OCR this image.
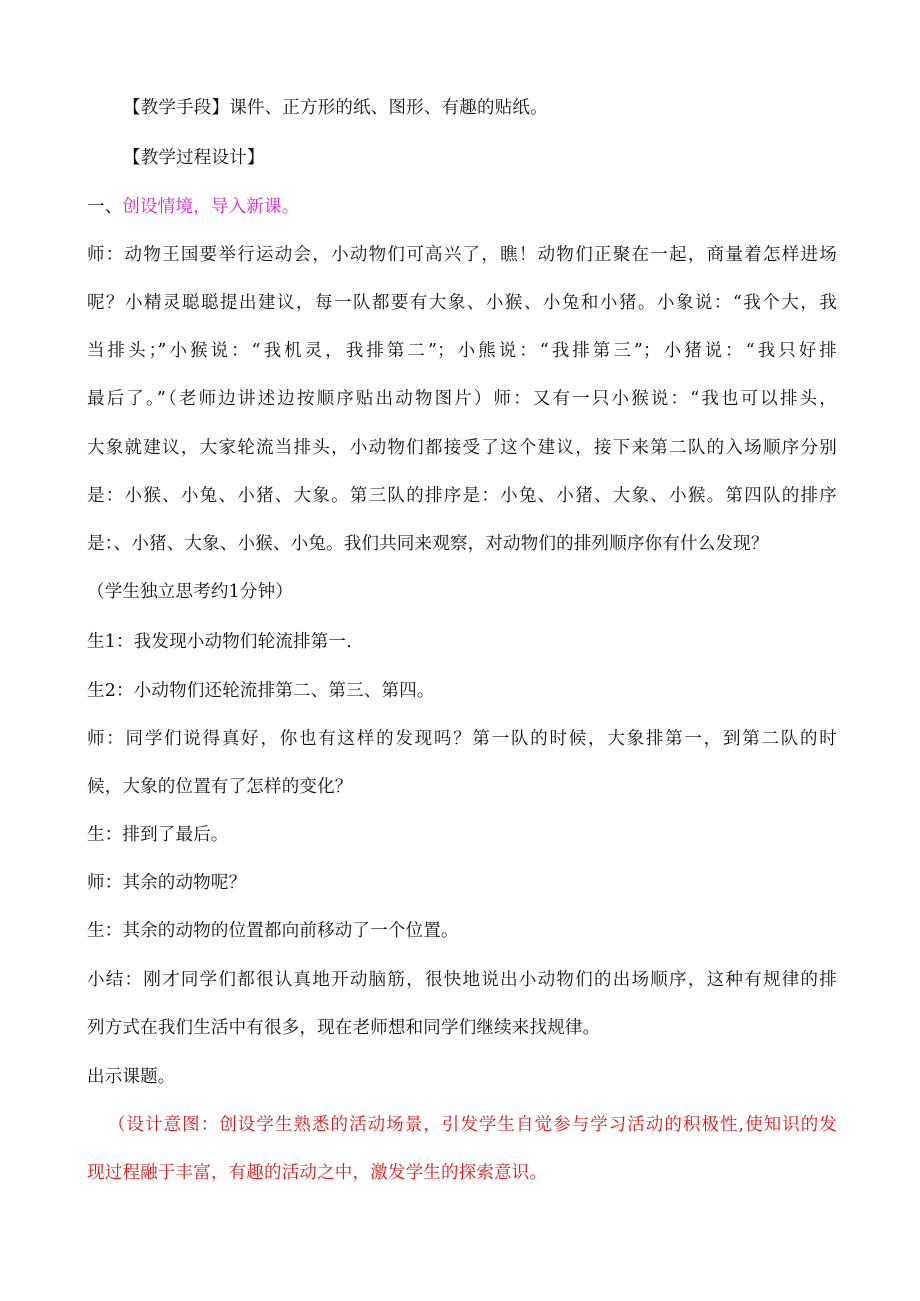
【教学手段】课件、正方形的纸、图形、有趣的贴纸。
【教学过程设计】
一、创设情境，导入新课。
师：动物王国要举行运动会，小动物们可高兴了，瞧！动物们正聚在一起，商量着怎样进场
呢？小精灵聪聪提出建议，每一队都要有大象、小猴、小兔和小猪。小象说：“我个大，我
当排头；”小猴说：“我机灵，我排第二”；小熊说：“我排第三”；小猪说：“我只好排
最后了。”（老师边讲述边按顺序贴出动物图片）师：又有一只小猴说：“我也可以排头，
大象就建议，大家轮流当排头，小动物们都接受了这个建议，接下来第二队的入场顺序分别
是：小猴、小兔、小猪、大象。第三队的排序是：小兔、小猪、大象、小猴。第四队的排序
是：、小猪、大象、小猴、小兔。我们共同来观察，对动物们的排列顺序你有什么发现？
（学生独立思考约1分钟）
生1：我发现小动物们轮流排第一.
生2：小动物们还轮流排第二、第三、第四。
师：同学们说得真好，你也有这样的发现吗？第一队的时候，大象排第一，到第二队的时
候，大象的位置有了怎样的变化？
生：排到了最后。
师：其余的动物呢？
生：其余的动物的位置都向前移动了一个位置。
小结：刚才同学们都很认真地开动脑筋，很快地说出小动物们的出场顺序，这种有规律的排
列方式在我们生活中有很多，现在老师想和同学们继续来找规律。
出示课题。
（设计意图：创设学生熟悉的活动场景，引发学生自觉参与学习活动的积极性,使知识的发
现过程融于丰富，有趣的活动之中，激发学生的探索意识。
